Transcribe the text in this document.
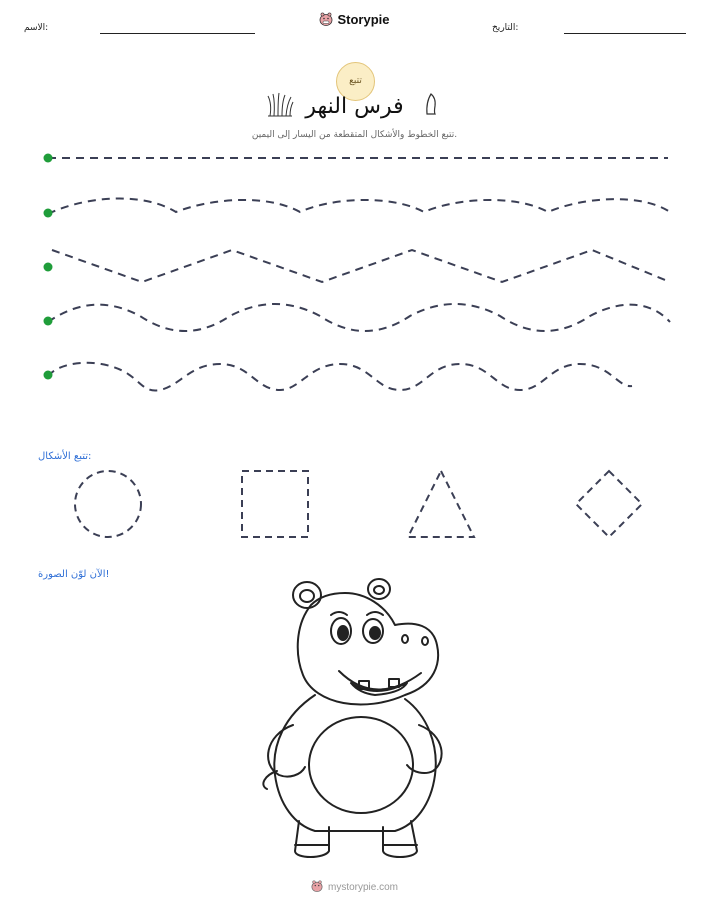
الاسم:
Storypie
التاريخ:
تتبع
فرس النهر
تتبع الخطوط والأشكال المتقطعة من اليسار إلى اليمين.
تتبع الأشكال:
الآن لوّن الصورة!
mystorypie.com
